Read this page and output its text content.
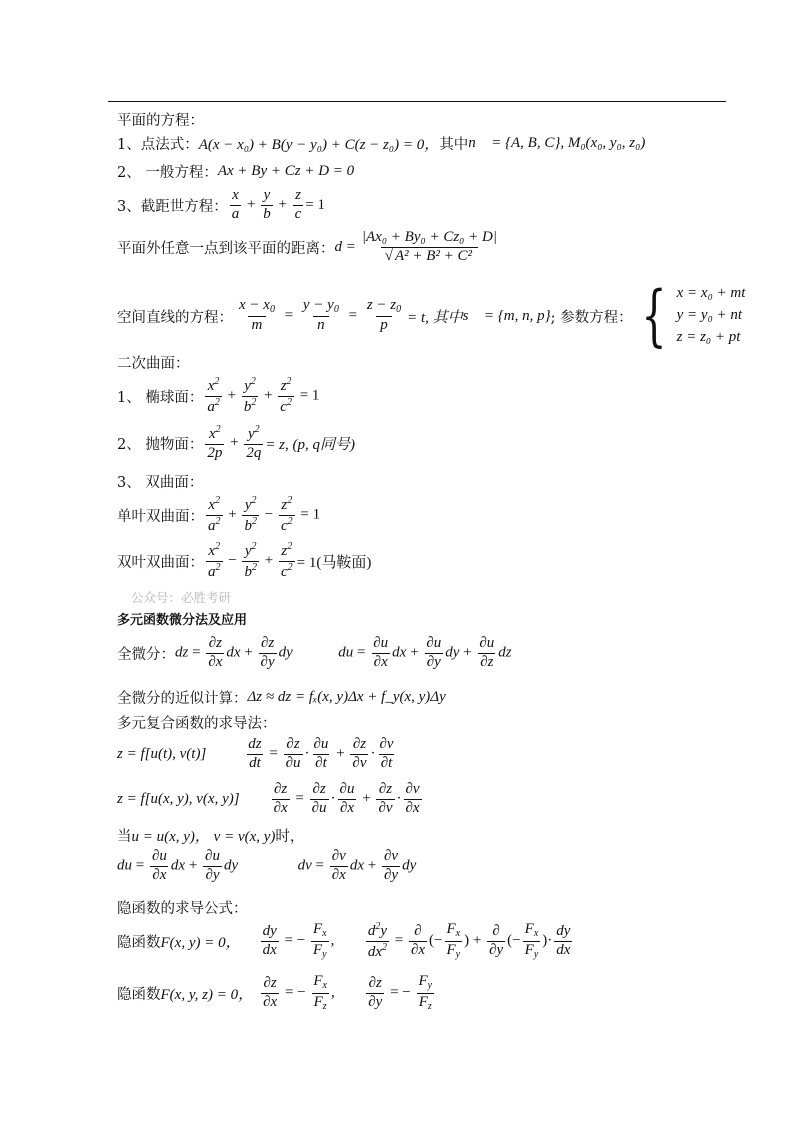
平面的方程：
1、点法式： A(x − x₀) + B(y − y₀) + C(z − z₀) = 0， 其中 n⃗ = {A, B, C}, M₀(x₀, y₀, z₀)
2、 一般方程： Ax + By + Cz + D = 0
3、截距世方程： $\frac{x}{a} + \frac{y}{b} + \frac{z}{c} = 1$
平面外任意一点到该平面的距离： $d = \frac{\text{|Ax₀ + By₀ + Cz₀ + D|}}{\text{√ A² + B² + C²}}$
空间直线的方程： $\frac{x - x_0}{m} = \frac{y - y_0}{n} = \frac{z - z_0}{p} = t$, 其中 s⃗ = {m, n, p} ; 参数方程： { x = x₀ + mt
y = y₀ + nt
z = z₀ + pt
二次曲面：
1、 椭球面： $\frac{x^2}{a^2} + \frac{y^2}{b^2} + \frac{z^2}{c^2} = 1$
2、 抛物面： $\frac{x^2}{2p} + \frac{y^2}{2q} = z$, (p, q同号)
3、 双曲面：
单叶双曲面： $\frac{x^2}{a^2} + \frac{y^2}{b^2} - \frac{z^2}{c^2} = 1$
双叶双曲面： $\frac{x^2}{a^2} - \frac{y^2}{b^2} + \frac{z^2}{c^2} = 1$(马鞍面)
公众号：必胜考研
多元函数微分法及应用
全微分： dz = $\frac{\partial z}{\partial x}$ dx + $\frac{\partial z}{\partial y}$ dy	du = $\frac{\partial u}{\partial x}$ dx + $\frac{\partial u}{\partial y}$ dy + $\frac{\partial u}{\partial z}$ dz
全微分的近似计算： Δz ≈ dz = fₓ(x, y)Δx + f_y(x, y)Δy
多元复合函数的求导法：
z = f[u(t), v(t)]	$\frac{dz}{dt} = \frac{\partial z}{\partial u} \cdot \frac{\partial u}{\partial t} + \frac{\partial z}{\partial v} \cdot \frac{\partial v}{\partial t}$
z = f[u(x, y), v(x, $y)] \frac{\partial z}{\partial x} = \frac{\partial z}{\partial u} \cdot \frac{\partial u}{\partial x} + \frac{\partial z}{\partial v} \cdot \frac{\partial v}{\partial x}$
当 u = u(x, y)， v = v(x, y) 时，
du = $\frac{\partial u}{\partial x}$ dx + $\frac{\partial u}{\partial y}$ dy	dv = $\frac{\partial v}{\partial x}$ dx + $\frac{\partial v}{\partial y}$ dy
隐函数的求导公式：
隐函数 F(x, y) = 0， $\frac{dy}{dx}$ = − $\frac{F_x}{F_y}$ , $\frac{d^2y}{dx^2} = \frac{\partial}{\partial x}$ (− $\frac{F_x}{F_y}$ ) + $\frac{\partial}{\partial y}$ (− $\frac{F_x}{F_y}$ )· $\frac{dy}{dx}$
隐函数 F(x, y, z) = 0， $\frac{\partial z}{\partial x}$ = − $\frac{F_x}{F_z}$ , $\frac{\partial z}{\partial y}$ = − $\frac{F_y}{F_z}$
